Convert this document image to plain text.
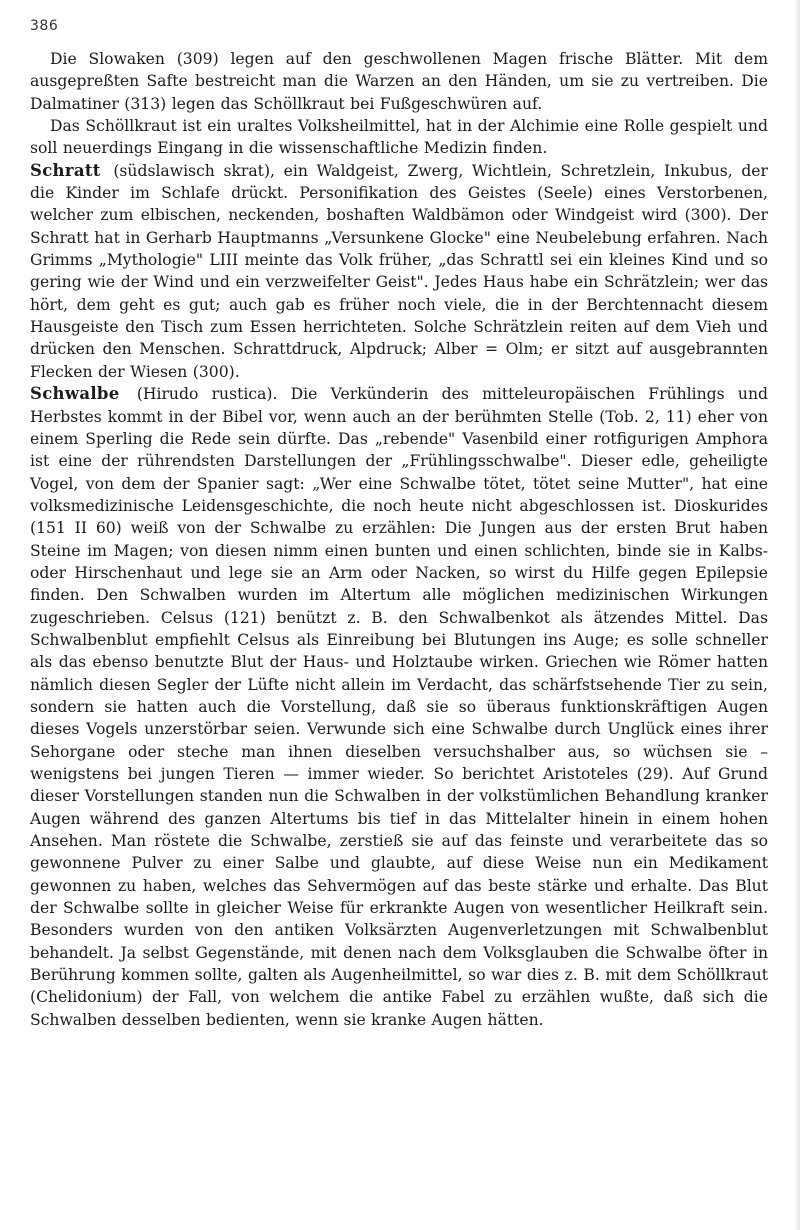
386

Die Slowaken (309) legen auf den geschwollenen Magen frische Blätter. Mit dem ausgepreßten Safte bestreicht man die Warzen an den Händen, um sie zu vertreiben. Die Dalmatiner (313) legen das Schöllkraut bei Fußgeschwüren auf.

Das Schöllkraut ist ein uraltes Volksheilmittel, hat in der Alchimie eine Rolle gespielt und soll neuerdings Eingang in die wissenschaftliche Medizin finden.

Schratt (südslawisch skrat), ein Waldgeist, Zwerg, Wichtlein, Schretzlein, Inkubus, der die Kinder im Schlafe drückt. Personifikation des Geistes (Seele) eines Verstorbenen, welcher zum elbischen, neckenden, boshaften Waldbämon oder Windgeist wird (300). Der Schratt hat in Gerharb Hauptmanns „Versunkene Glocke" eine Neubelebung erfahren. Nach Grimms „Mythologie" LIII meinte das Volk früher, „das Schrattl sei ein kleines Kind und so gering wie der Wind und ein verzweifelter Geist". Jedes Haus habe ein Schrätzlein; wer das hört, dem geht es gut; auch gab es früher noch viele, die in der Berchtennacht diesem Hausgeiste den Tisch zum Essen herrichteten. Solche Schrätzlein reiten auf dem Vieh und drücken den Menschen. Schrattdruck, Alpdruck; Alber = Olm; er sitzt auf ausgebrannten Flecken der Wiesen (300).

Schwalbe (Hirudo rustica). Die Verkünderin des mitteleuropäischen Frühlings und Herbstes kommt in der Bibel vor, wenn auch an der berühmten Stelle (Tob. 2, 11) eher von einem Sperling die Rede sein dürfte. Das „rebende" Vasenbild einer rotfigurigen Amphora ist eine der rührendsten Darstellungen der „Frühlingsschwalbe". Dieser edle, geheiligte Vogel, von dem der Spanier sagt: „Wer eine Schwalbe tötet, tötet seine Mutter", hat eine volksmedizinische Leidensgeschichte, die noch heute nicht abgeschlossen ist. Dioskurides (151 II 60) weiß von der Schwalbe zu erzählen: Die Jungen aus der ersten Brut haben Steine im Magen; von diesen nimm einen bunten und einen schlichten, binde sie in Kalbs- oder Hirschenhaut und lege sie an Arm oder Nacken, so wirst du Hilfe gegen Epilepsie finden. Den Schwalben wurden im Altertum alle möglichen medizinischen Wirkungen zugeschrieben. Celsus (121) benützt z. B. den Schwalbenkot als ätzendes Mittel. Das Schwalbenblut empfiehlt Celsus als Einreibung bei Blutungen ins Auge; es solle schneller als das ebenso benutzte Blut der Haus- und Holztaube wirken. Griechen wie Römer hatten nämlich diesen Segler der Lüfte nicht allein im Verdacht, das schärfstsehende Tier zu sein, sondern sie hatten auch die Vorstellung, daß sie so überaus funktionskräftigen Augen dieses Vogels unzerstörbar seien. Verwunde sich eine Schwalbe durch Unglück eines ihrer Sehorgane oder steche man ihnen dieselben versuchshalber aus, so wüchsen sie – wenigstens bei jungen Tieren — immer wieder. So berichtet Aristoteles (29). Auf Grund dieser Vorstellungen standen nun die Schwalben in der volkstümlichen Behandlung kranker Augen während des ganzen Altertums bis tief in das Mittelalter hinein in einem hohen Ansehen. Man röstete die Schwalbe, zerstieß sie auf das feinste und verarbeitete das so gewonnene Pulver zu einer Salbe und glaubte, auf diese Weise nun ein Medikament gewonnen zu haben, welches das Sehvermögen auf das beste stärke und erhalte. Das Blut der Schwalbe sollte in gleicher Weise für erkrankte Augen von wesentlicher Heilkraft sein. Besonders wurden von den antiken Volksärzten Augenverletzungen mit Schwalbenblut behandelt. Ja selbst Gegenstände, mit denen nach dem Volksglauben die Schwalbe öfter in Berührung kommen sollte, galten als Augenheilmittel, so war dies z. B. mit dem Schöllkraut (Chelidonium) der Fall, von welchem die antike Fabel zu erzählen wußte, daß sich die Schwalben desselben bedienten, wenn sie kranke Augen hätten.
